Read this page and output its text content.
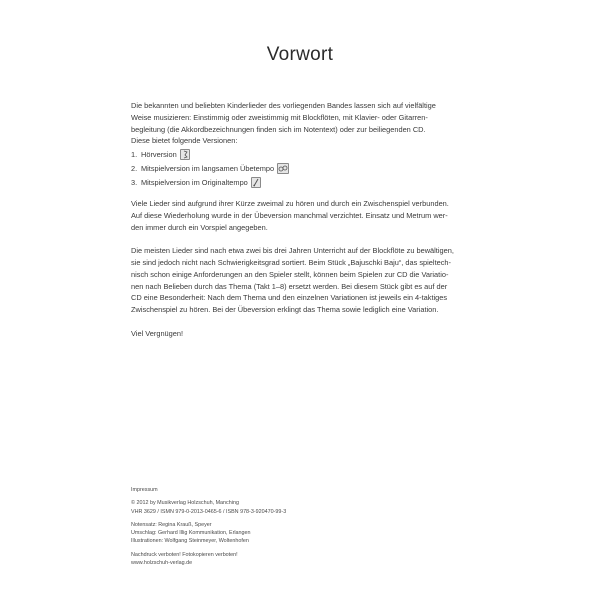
Vorwort

Die bekannten und beliebten Kinderlieder des vorliegenden Bandes lassen sich auf vielfältige
Weise musizieren: Einstimmig oder zweistimmig mit Blockflöten, mit Klavier- oder Gitarren-
begleitung (die Akkordbezeichnungen finden sich im Notentext) oder zur beiliegenden CD.
Diese bietet folgende Versionen:

1. Hörversion
2. Mitspielversion im langsamen Übetempo
3. Mitspielversion im Originaltempo

Viele Lieder sind aufgrund ihrer Kürze zweimal zu hören und durch ein Zwischenspiel verbunden.
Auf diese Wiederholung wurde in der Übeversion manchmal verzichtet. Einsatz und Metrum wer-
den immer durch ein Vorspiel angegeben.

Die meisten Lieder sind nach etwa zwei bis drei Jahren Unterricht auf der Blockflöte zu bewältigen,
sie sind jedoch nicht nach Schwierigkeitsgrad sortiert. Beim Stück „Bajuschki Baju“, das spieltech-
nisch schon einige Anforderungen an den Spieler stellt, können beim Spielen zur CD die Variatio-
nen nach Belieben durch das Thema (Takt 1–8) ersetzt werden. Bei diesem Stück gibt es auf der
CD eine Besonderheit: Nach dem Thema und den einzelnen Variationen ist jeweils ein 4-taktiges
Zwischenspiel zu hören. Bei der Übeversion erklingt das Thema sowie lediglich eine Variation.

Viel Vergnügen!

Impressum
© 2012 by Musikverlag Holzschuh, Manching
VHR 3629 / ISMN 979-0-2013-0465-6 / ISBN 978-3-920470-99-3
Notensatz: Regina Krauß, Speyer
Umschlag: Gerhard Illig Kommunikation, Erlangen
Illustrationen: Wolfgang Steinmeyer, Woltenhofen
Nachdruck verboten! Fotokopieren verboten!
www.holzschuh-verlag.de
